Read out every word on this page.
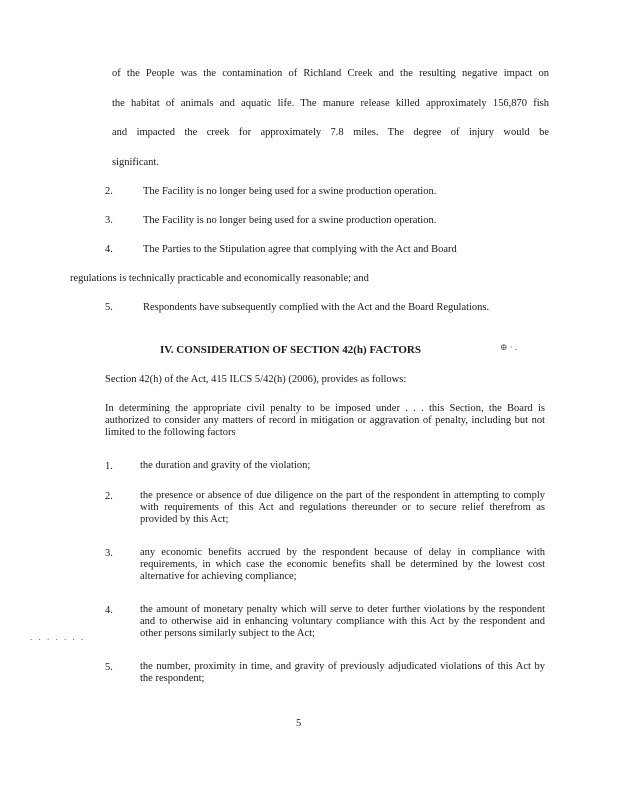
of the People was the contamination of Richland Creek and the resulting negative impact on
the habitat of animals and aquatic life. The manure release killed approximately 156,870 fish
and impacted the creek for approximately 7.8 miles. The degree of injury would be
significant.
2.	The Facility is no longer being used for a swine production operation.
3.	The Facility is no longer being used for a swine production operation.
4.	The Parties to the Stipulation agree that complying with the Act and Board
regulations is technically practicable and economically reasonable; and
5.	Respondents have subsequently complied with the Act and the Board Regulations.
IV. CONSIDERATION OF SECTION 42(h) FACTORS	⊕ · .
Section 42(h) of the Act, 415 ILCS 5/42(h) (2006), provides as follows:
In determining the appropriate civil penalty to be imposed under . . . this Section, the Board is authorized to consider any matters of record in mitigation or aggravation of penalty, including but not limited to the following factors
1.	the duration and gravity of the violation;
2.	the presence or absence of due diligence on the part of the respondent in attempting to comply with requirements of this Act and regulations thereunder or to secure relief therefrom as provided by this Act;
3.	any economic benefits accrued by the respondent because of delay in compliance with requirements, in which case the economic benefits shall be determined by the lowest cost alternative for achieving compliance;
4.	the amount of monetary penalty which will serve to deter further violations by the respondent and to otherwise aid in enhancing voluntary compliance with this Act by the respondent and other persons similarly subject to the Act;
. . . . . . .
5.	the number, proximity in time, and gravity of previously adjudicated violations of this Act by the respondent;
5
